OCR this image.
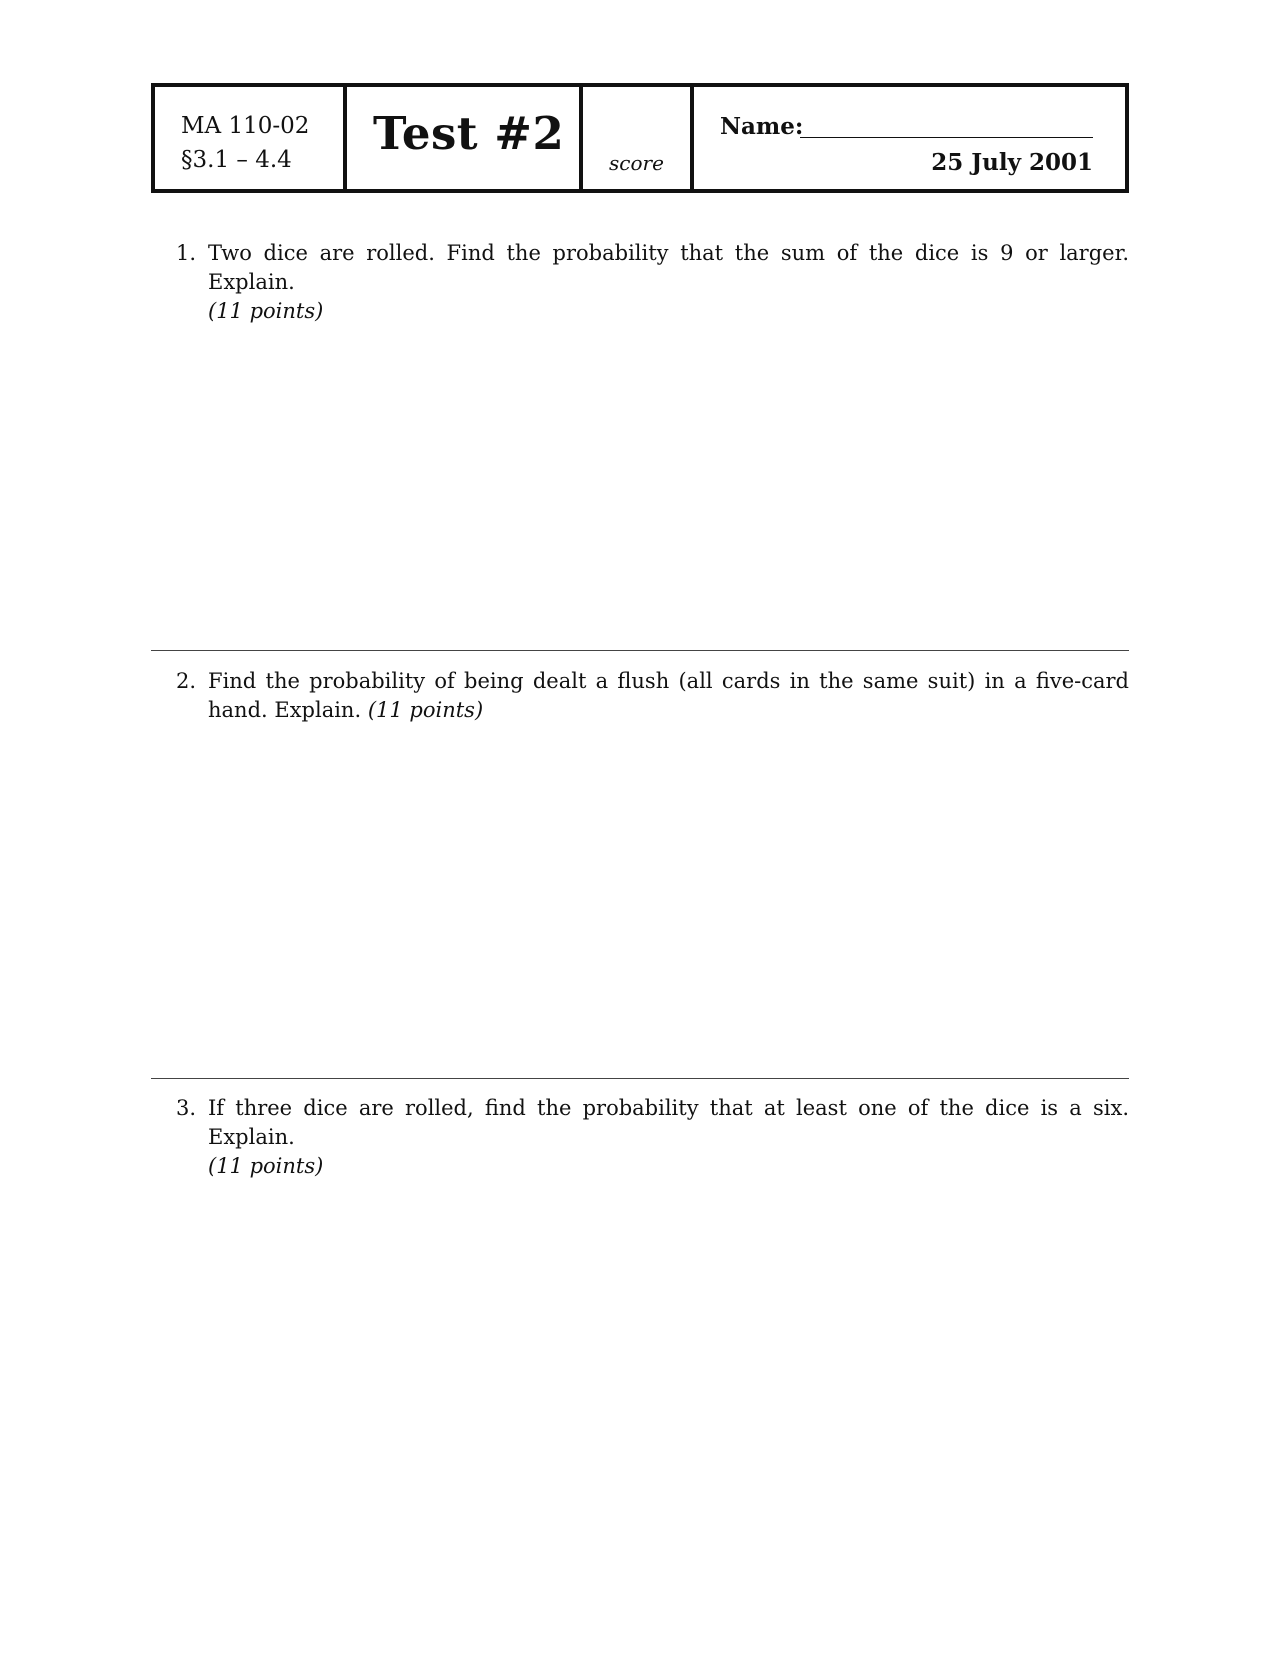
MA 110-02
§3.1 – 4.4 Test #2
score
Name:
25 July 2001
1. Two dice are rolled. Find the probability that the sum of the dice is 9 or larger. Explain.
(11 points)
2. Find the probability of being dealt a flush (all cards in the same suit) in a five-card hand. Explain. (11 points)
3. If three dice are rolled, find the probability that at least one of the dice is a six. Explain.
(11 points)
